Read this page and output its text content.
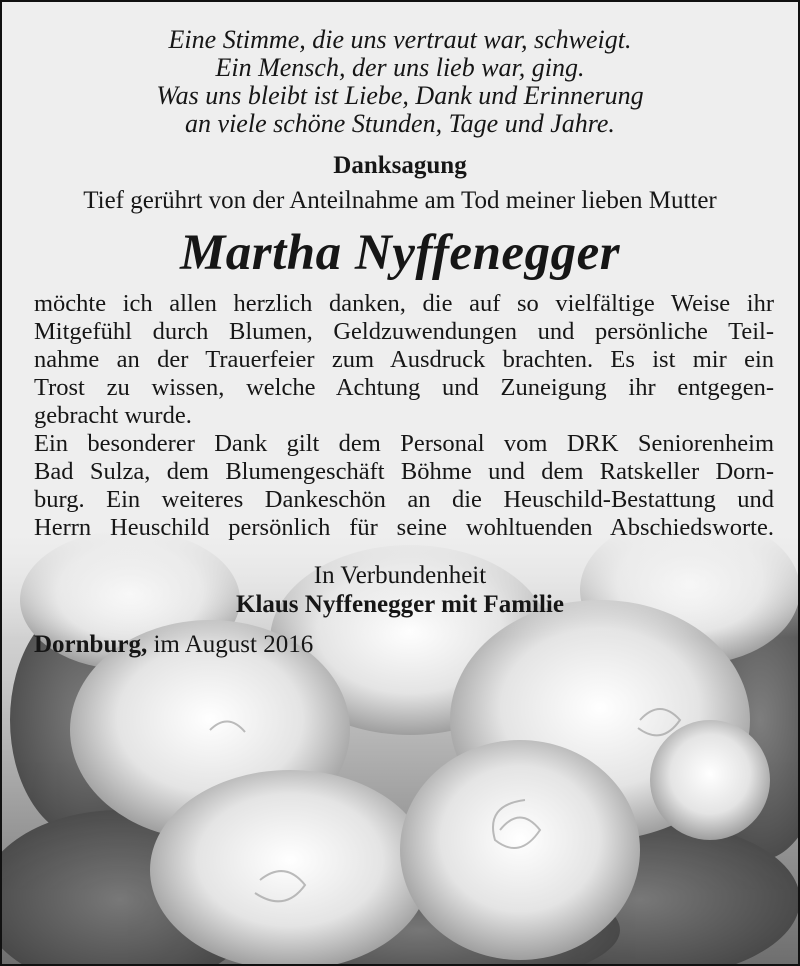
Eine Stimme, die uns vertraut war, schweigt.
Ein Mensch, der uns lieb war, ging.
Was uns bleibt ist Liebe, Dank und Erinnerung
an viele schöne Stunden, Tage und Jahre.
Danksagung
Tief gerührt von der Anteilnahme am Tod meiner lieben Mutter
Martha Nyffenegger
möchte ich allen herzlich danken, die auf so vielfältige Weise ihr
Mitgefühl durch Blumen, Geldzuwendungen und persönliche Teil-
nahme an der Trauerfeier zum Ausdruck brachten. Es ist mir ein
Trost zu wissen, welche Achtung und Zuneigung ihr entgegen-
gebracht wurde.
Ein besonderer Dank gilt dem Personal vom DRK Seniorenheim
Bad Sulza, dem Blumengeschäft Böhme und dem Ratskeller Dorn-
burg. Ein weiteres Dankeschön an die Heuschild-Bestattung und
Herrn Heuschild persönlich für seine wohltuenden Abschiedsworte.
In Verbundenheit
Klaus Nyffenegger mit Familie
Dornburg, im August 2016
